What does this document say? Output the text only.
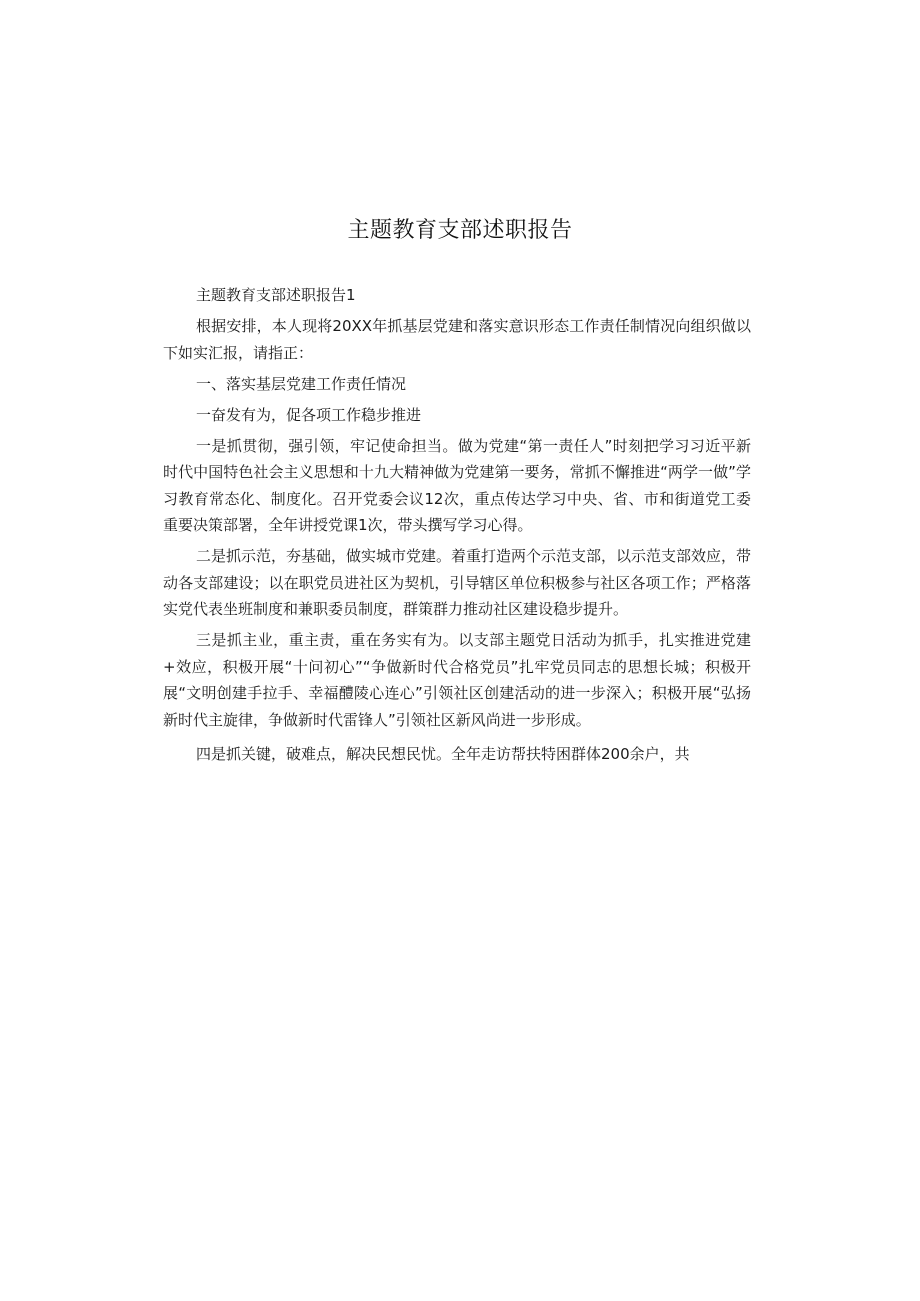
主题教育支部述职报告

主题教育支部述职报告1

根据安排，本人现将20XX年抓基层党建和落实意识形态工作责任制情况向组织做以下如实汇报，请指正：

一、落实基层党建工作责任情况

一奋发有为，促各项工作稳步推进

一是抓贯彻，强引领，牢记使命担当。做为党建“第一责任人”时刻把学习习近平新时代中国特色社会主义思想和十九大精神做为党建第一要务，常抓不懈推进“两学一做”学习教育常态化、制度化。召开党委会议12次，重点传达学习中央、省、市和街道党工委重要决策部署，全年讲授党课1次，带头撰写学习心得。

二是抓示范，夯基础，做实城市党建。着重打造两个示范支部，以示范支部效应，带动各支部建设；以在职党员进社区为契机，引导辖区单位积极参与社区各项工作；严格落实党代表坐班制度和兼职委员制度，群策群力推动社区建设稳步提升。

三是抓主业，重主责，重在务实有为。以支部主题党日活动为抓手，扎实推进党建+效应，积极开展“十问初心”“争做新时代合格党员”扎牢党员同志的思想长城；积极开展“文明创建手拉手、幸福醴陵心连心”引领社区创建活动的进一步深入；积极开展“弘扬新时代主旋律，争做新时代雷锋人”引领社区新风尚进一步形成。

四是抓关键，破难点，解决民想民忧。全年走访帮扶特困群体200余户，共
